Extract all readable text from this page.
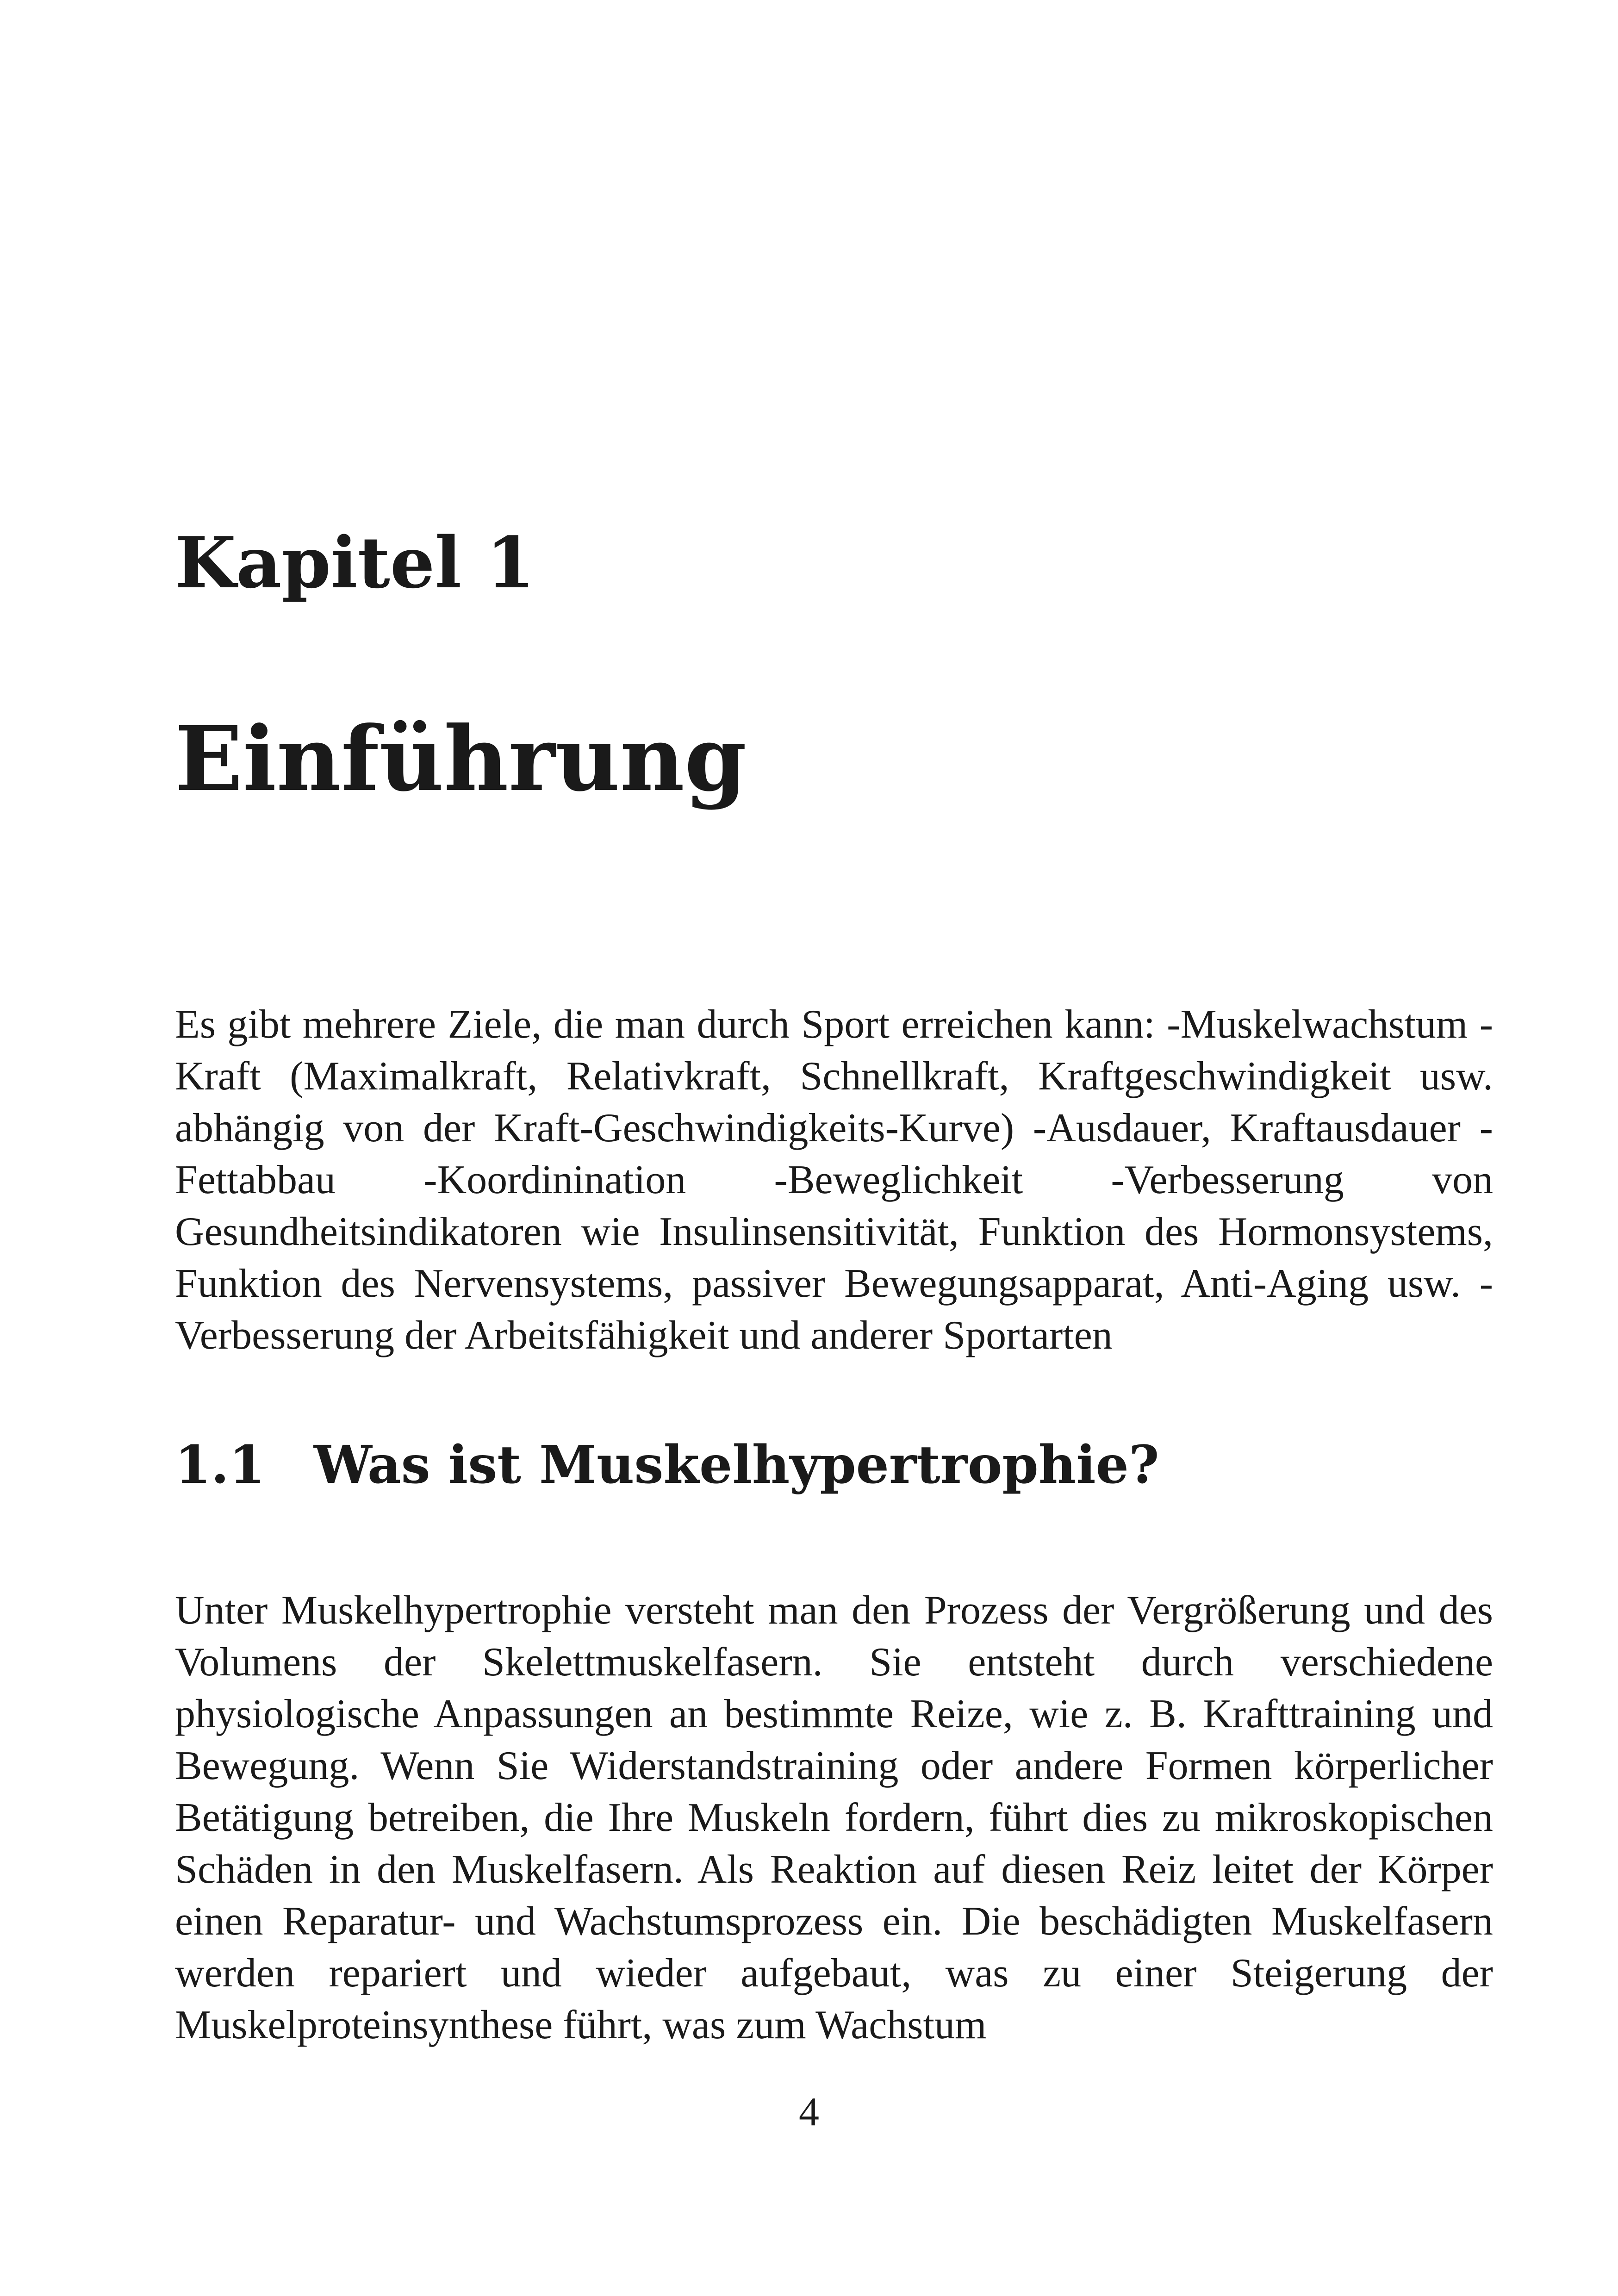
Kapitel 1
Einführung

Es gibt mehrere Ziele, die man durch Sport erreichen kann: -Muskelwachstum -Kraft (Maximalkraft, Relativkraft, Schnellkraft, Kraftgeschwindigkeit usw. abhängig von der Kraft-Geschwindigkeits-Kurve) -Ausdauer, Kraftausdauer -Fettabbau -Koordinination -Beweglichkeit -Verbesserung von Gesundheitsindikatoren wie Insulinsensitivität, Funktion des Hormonsystems, Funktion des Nervensystems, passiver Bewegungsapparat, Anti-Aging usw. -Verbesserung der Arbeitsfähigkeit und anderer Sportarten

1.1 Was ist Muskelhypertrophie?

Unter Muskelhypertrophie versteht man den Prozess der Vergrößerung und des Volumens der Skelettmuskelfasern. Sie entsteht durch verschiedene physiologische Anpassungen an bestimmte Reize, wie z. B. Krafttraining und Bewegung. Wenn Sie Widerstandstraining oder andere Formen körperlicher Betätigung betreiben, die Ihre Muskeln fordern, führt dies zu mikroskopischen Schäden in den Muskelfasern. Als Reaktion auf diesen Reiz leitet der Körper einen Reparatur- und Wachstumsprozess ein. Die beschädigten Muskelfasern werden repariert und wieder aufgebaut, was zu einer Steigerung der Muskelproteinsynthese führt, was zum Wachstum

4
